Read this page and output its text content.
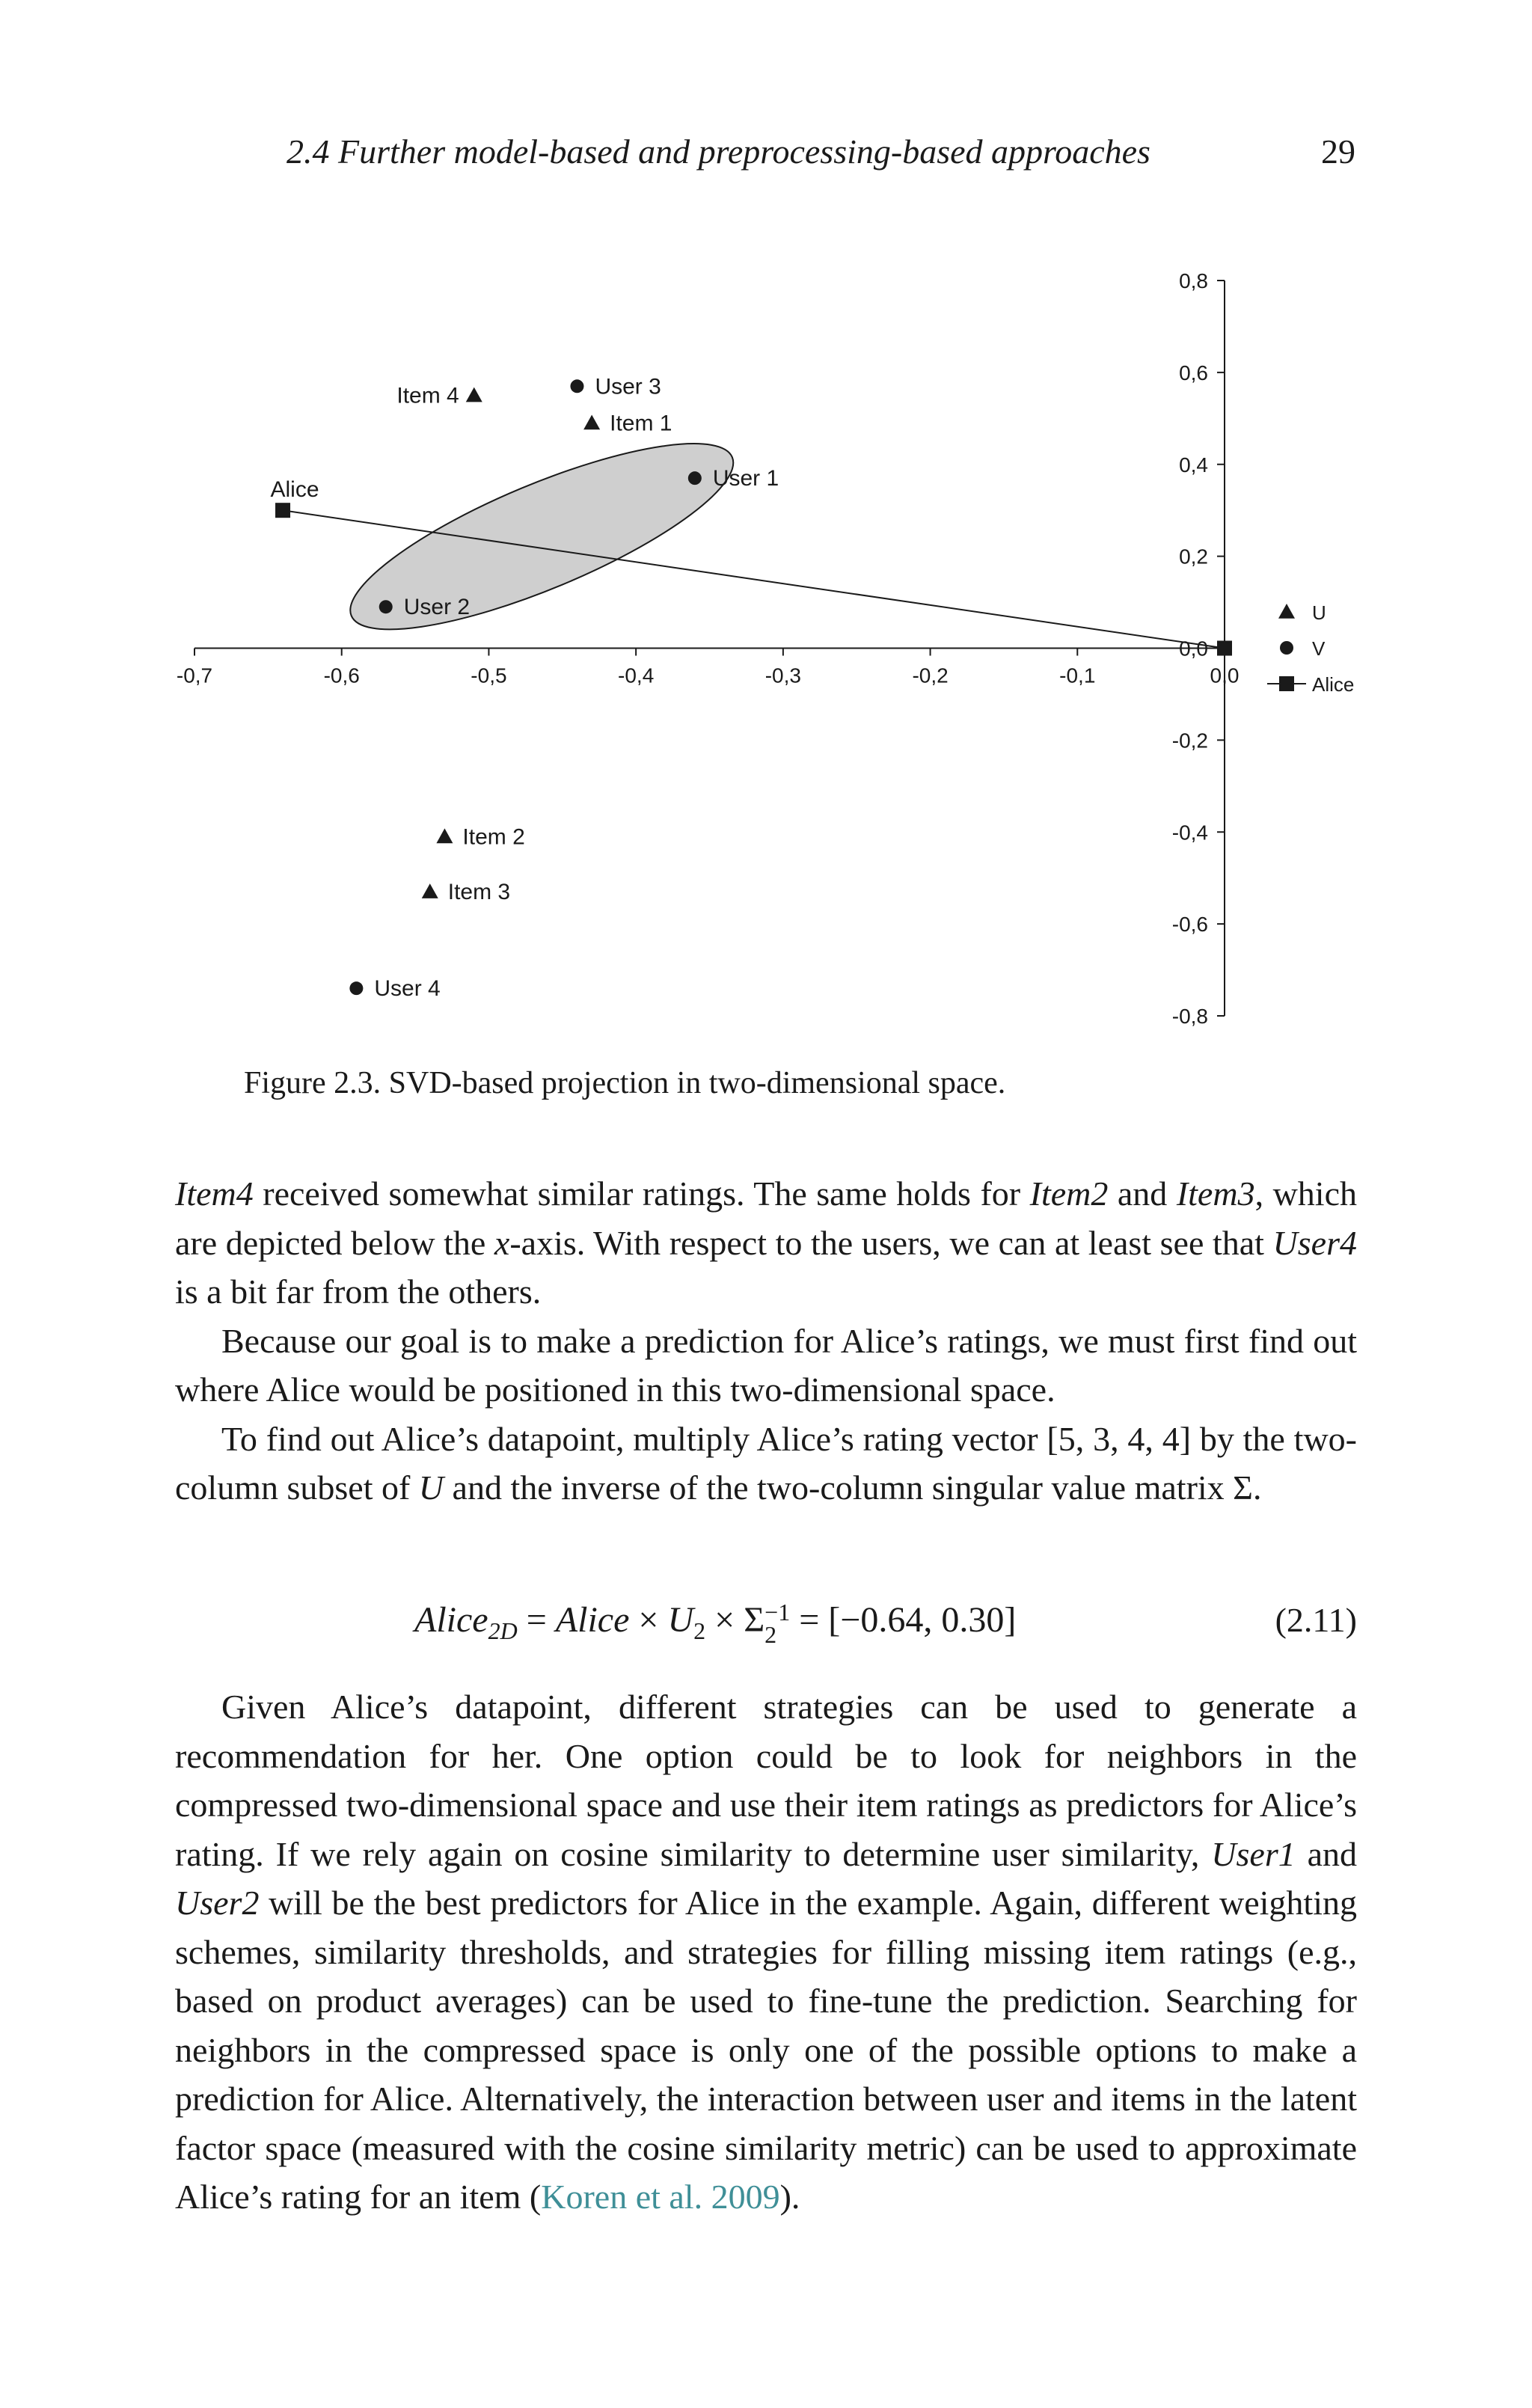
2.4 Further model-based and preprocessing-based approaches	29
-0,7	-0,6	-0,5	-0,4	-0,3	-0,2	-0,1	0,0
0,8
0,6
0,4
0,2
0,0
-0,2
-0,4
-0,6
-0,8
Item 1
Item 2
Item 3
Item 4
User 1
User 2
User 3
User 4
Alice
U
V
Alice
Figure 2.3. SVD-based projection in two-dimensional space.

Item4 received somewhat similar ratings. The same holds for Item2 and Item3, which are depicted below the x-axis. With respect to the users, we can at least see that User4 is a bit far from the others.

Because our goal is to make a prediction for Alice’s ratings, we must first find out where Alice would be positioned in this two-dimensional space.

To find out Alice’s datapoint, multiply Alice’s rating vector [5, 3, 4, 4] by the two-column subset of U and the inverse of the two-column singular value matrix Σ.

Alice$_{2D}$ = Alice × $U_2 \times \Sigma -1$
2 = [−0.64, 0.30]	(2.11)

Given Alice’s datapoint, different strategies can be used to generate a recommendation for her. One option could be to look for neighbors in the compressed two-dimensional space and use their item ratings as predictors for Alice’s rating. If we rely again on cosine similarity to determine user similarity, User1 and User2 will be the best predictors for Alice in the example. Again, different weighting schemes, similarity thresholds, and strategies for filling missing item ratings (e.g., based on product averages) can be used to fine-tune the prediction. Searching for neighbors in the compressed space is only one of the possible options to make a prediction for Alice. Alternatively, the interaction between user and items in the latent factor space (measured with the cosine similarity metric) can be used to approximate Alice’s rating for an item (Koren et al. 2009).
